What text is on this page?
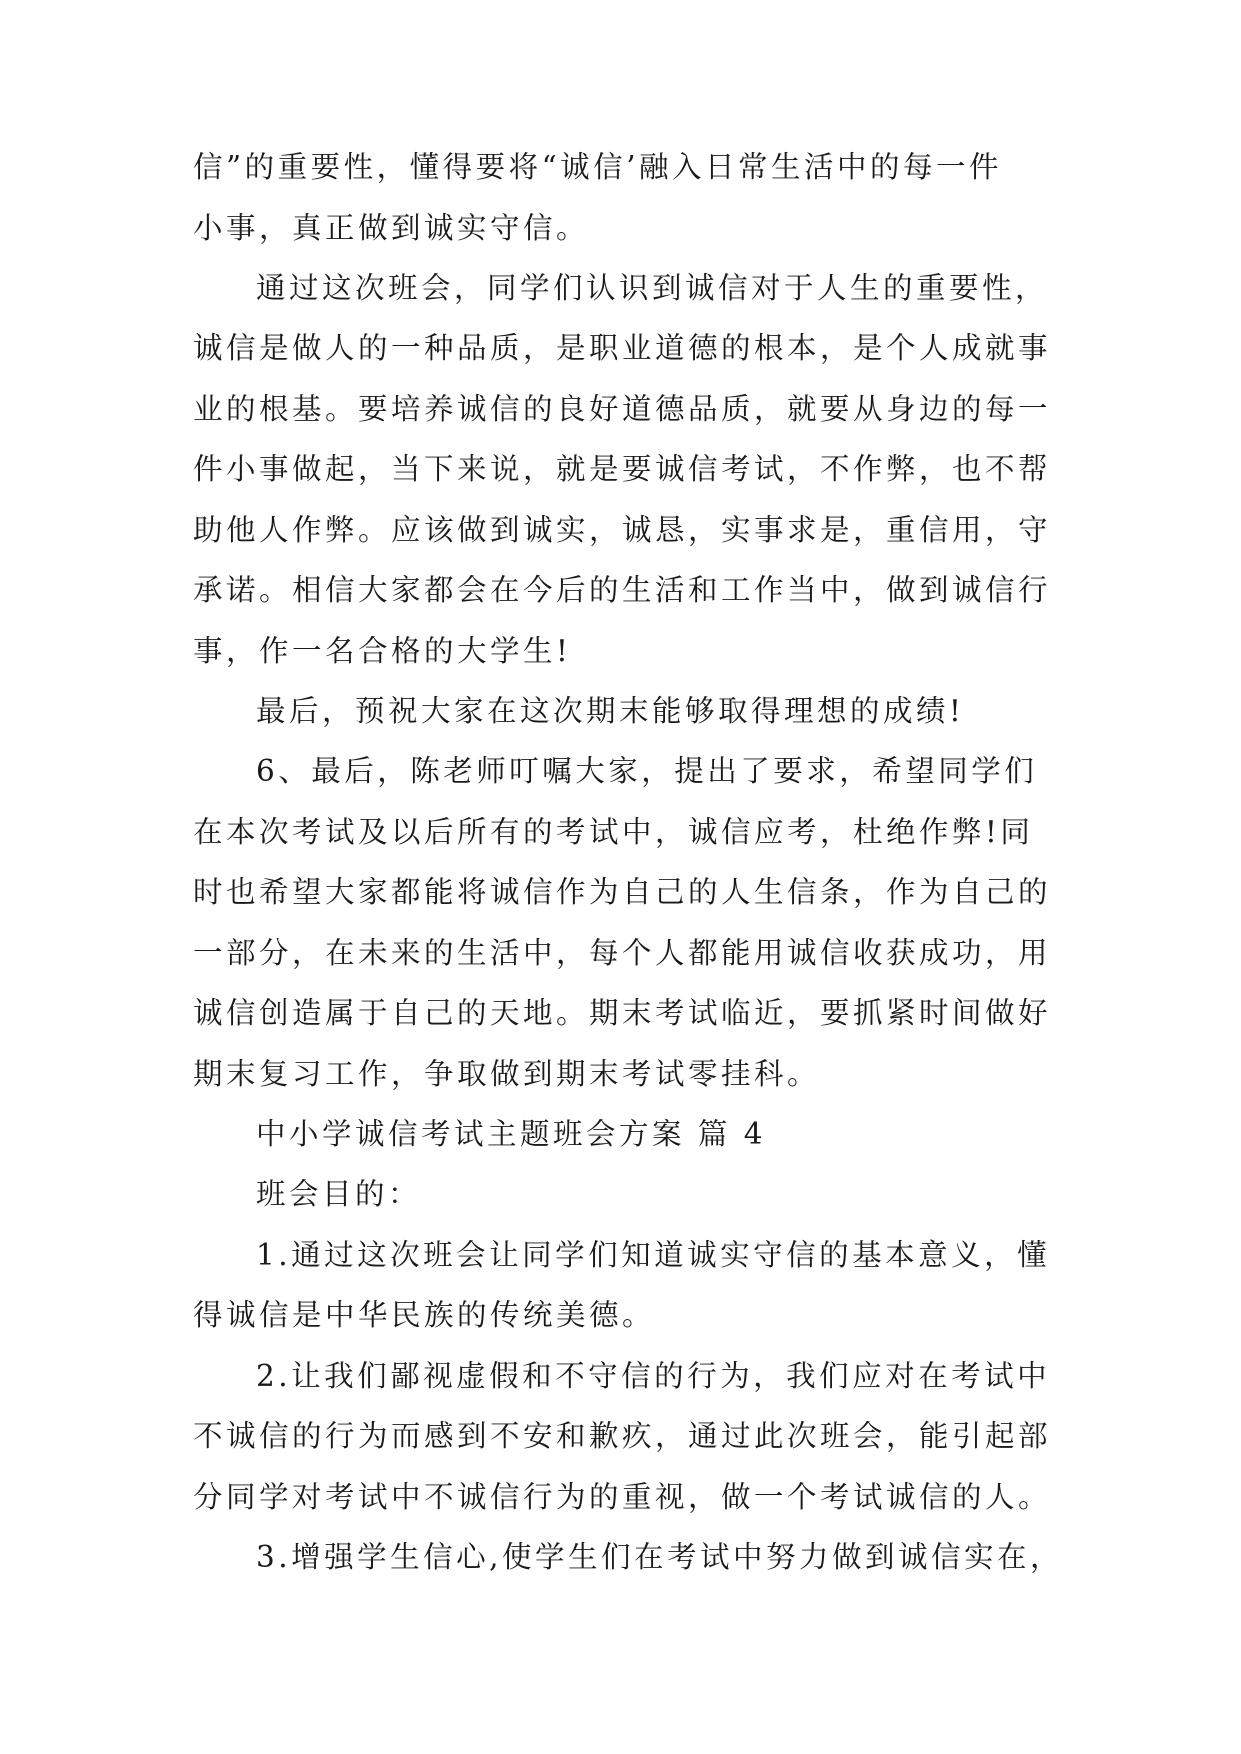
信”的重要性，懂得要将“诚信’融入日常生活中的每一件
小事，真正做到诚实守信。
通过这次班会，同学们认识到诚信对于人生的重要性，
诚信是做人的一种品质，是职业道德的根本，是个人成就事
业的根基。要培养诚信的良好道德品质，就要从身边的每一
件小事做起，当下来说，就是要诚信考试，不作弊，也不帮
助他人作弊。应该做到诚实，诚恳，实事求是，重信用，守
承诺。相信大家都会在今后的生活和工作当中，做到诚信行
事，作一名合格的大学生!
最后，预祝大家在这次期末能够取得理想的成绩!
6、最后，陈老师叮嘱大家，提出了要求，希望同学们
在本次考试及以后所有的考试中，诚信应考，杜绝作弊!同
时也希望大家都能将诚信作为自己的人生信条，作为自己的
一部分，在未来的生活中，每个人都能用诚信收获成功，用
诚信创造属于自己的天地。期末考试临近，要抓紧时间做好
期末复习工作，争取做到期末考试零挂科。
中小学诚信考试主题班会方案 篇 4
班会目的：
1.通过这次班会让同学们知道诚实守信的基本意义，懂
得诚信是中华民族的传统美德。
2.让我们鄙视虚假和不守信的行为，我们应对在考试中
不诚信的行为而感到不安和歉疚，通过此次班会，能引起部
分同学对考试中不诚信行为的重视，做一个考试诚信的人。
3.增强学生信心,使学生们在考试中努力做到诚信实在，
